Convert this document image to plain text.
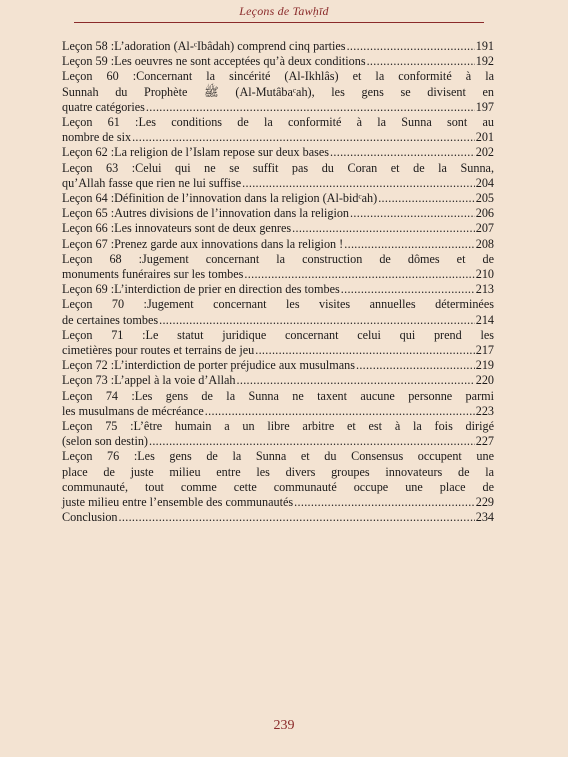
Leçons de Tawḥīd
Leçon 58 :L’adoration (Al-ᶜIbâdah) comprend cinq parties .....	191
Leçon 59 :Les oeuvres ne sont acceptées qu’à deux conditions .....	192
Leçon 60 :Concernant la sincérité (Al-Ikhlâs) et la conformité à la
Sunnah du Prophète ﷺ (Al-Mutâbaᶜah), les gens se divisent en
quatre catégories .....	197
Leçon 61 :Les conditions de la conformité à la Sunna sont au
nombre de six .....	201
Leçon 62 :La religion de l’Islam repose sur deux bases .....	202
Leçon 63 :Celui qui ne se suffit pas du Coran et de la Sunna,
qu’Allah fasse que rien ne lui suffise .....	204
Leçon 64 :Définition de l’innovation dans la religion (Al-bidᶜah) .....	205
Leçon 65 :Autres divisions de l’innovation dans la religion .....	206
Leçon 66 :Les innovateurs sont de deux genres .....	207
Leçon 67 :Prenez garde aux innovations dans la religion ! .....	208
Leçon 68 :Jugement concernant la construction de dômes et de
monuments funéraires sur les tombes .....	210
Leçon 69 :L’interdiction de prier en direction des tombes .....	213
Leçon 70 :Jugement concernant les visites annuelles déterminées
de certaines tombes .....	214
Leçon 71 :Le statut juridique concernant celui qui prend les
cimetières pour routes et terrains de jeu .....	217
Leçon 72 :L’interdiction de porter préjudice aux musulmans .....	219
Leçon 73 :L’appel à la voie d’Allah .....	220
Leçon 74 :Les gens de la Sunna ne taxent aucune personne parmi
les musulmans de mécréance .....	223
Leçon 75 :L’être humain a un libre arbitre et est à la fois dirigé
(selon son destin) .....	227
Leçon 76 :Les gens de la Sunna et du Consensus occupent une
place de juste milieu entre les divers groupes innovateurs de la
communauté, tout comme cette communauté occupe une place de
juste milieu entre l’ensemble des communautés .....	229
Conclusion .....	234
239
